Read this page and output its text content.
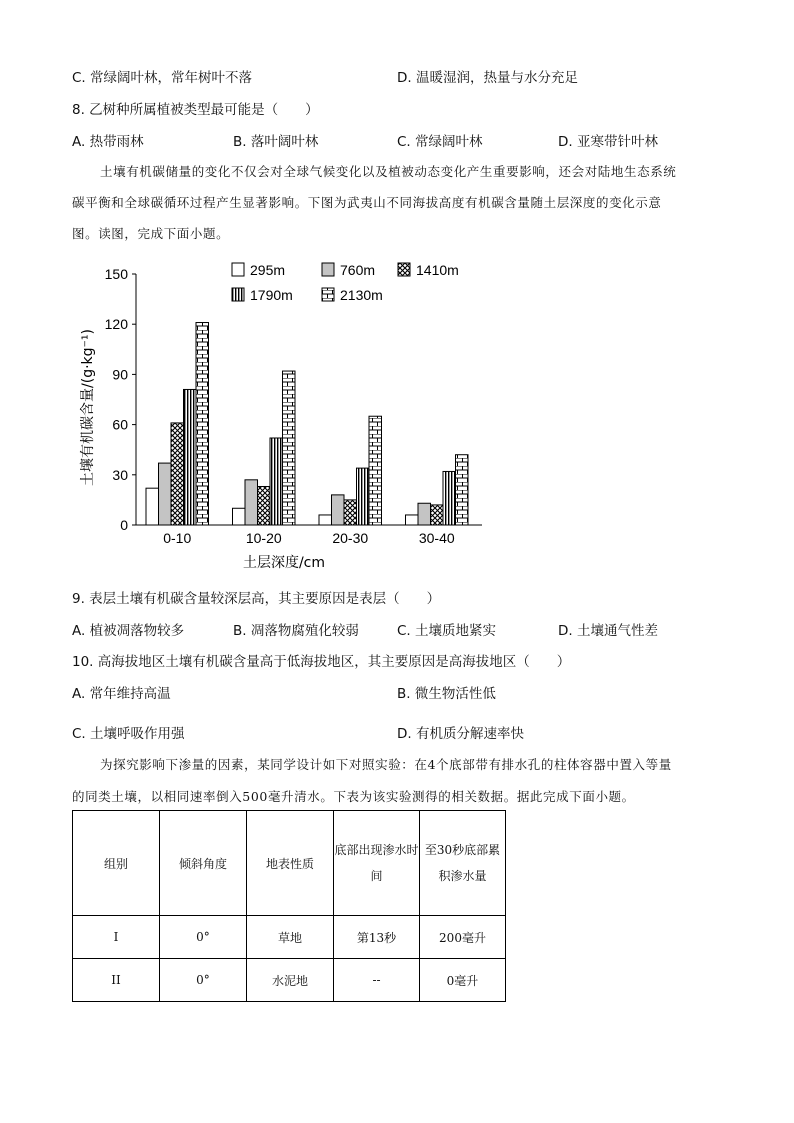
C. 常绿阔叶林，常年树叶不落	D. 温暖湿润，热量与水分充足
8. 乙树种所属植被类型最可能是（　　）
A. 热带雨林	B. 落叶阔叶林	C. 常绿阔叶林	D. 亚寒带针叶林
土壤有机碳储量的变化不仅会对全球气候变化以及植被动态变化产生重要影响，还会对陆地生态系统
碳平衡和全球碳循环过程产生显著影响。下图为武夷山不同海拔高度有机碳含量随土层深度的变化示意
图。读图，完成下面小题。
0
30
60
90
120
150
土壤有机碳含量/(g·kg⁻¹)
0-10	10-20	20-30	30-40
土层深度/cm
295m	760m	1410m
1790m	2130m
9. 表层土壤有机碳含量较深层高，其主要原因是表层（　　）
A. 植被凋落物较多	B. 凋落物腐殖化较弱	C. 土壤质地紧实	D. 土壤通气性差
10. 高海拔地区土壤有机碳含量高于低海拔地区，其主要原因是高海拔地区（　　）
A. 常年维持高温	B. 微生物活性低
C. 土壤呼吸作用强	D. 有机质分解速率快
为探究影响下渗量的因素，某同学设计如下对照实验：在4个底部带有排水孔的柱体容器中置入等量
的同类土壤，以相同速率倒入500毫升清水。下表为该实验测得的相关数据。据此完成下面小题。
组别	倾斜角度	地表性质	底部出现渗水时间	至30秒底部累积渗水量
I	0°	草地	第13秒	200毫升
II	0°	水泥地	--	0毫升
